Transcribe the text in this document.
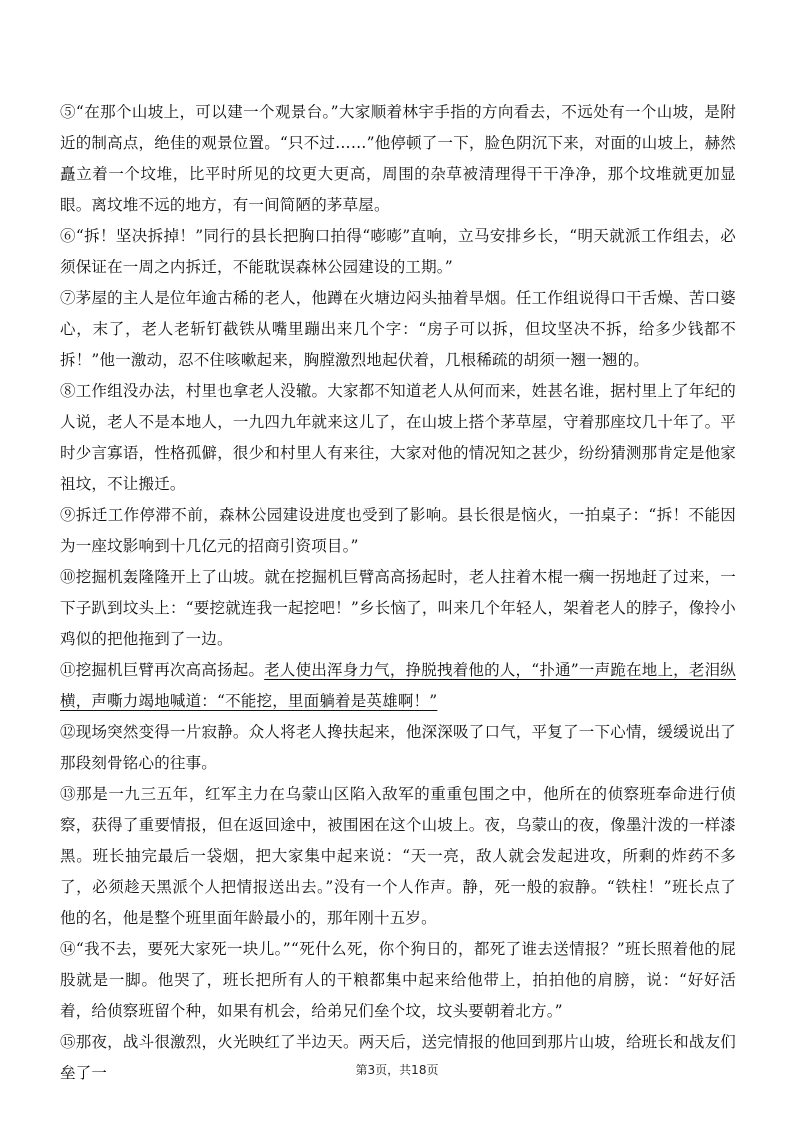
⑤“在那个山坡上，可以建一个观景台。”大家顺着林宇手指的方向看去，不远处有一个山坡，是附近的制高点，绝佳的观景位置。“只不过……”他停顿了一下，脸色阴沉下来，对面的山坡上，赫然矗立着一个坟堆，比平时所见的坟更大更高，周围的杂草被清理得干干净净，那个坟堆就更加显眼。离坟堆不远的地方，有一间简陋的茅草屋。

⑥“拆！坚决拆掉！”同行的县长把胸口拍得“嘭嘭”直响，立马安排乡长，“明天就派工作组去，必须保证在一周之内拆迁，不能耽误森林公园建设的工期。”

⑦茅屋的主人是位年逾古稀的老人，他蹲在火塘边闷头抽着旱烟。任工作组说得口干舌燥、苦口婆心，末了，老人老斩钉截铁从嘴里蹦出来几个字：“房子可以拆，但坟坚决不拆，给多少钱都不拆！”他一激动，忍不住咳嗽起来，胸膛激烈地起伏着，几根稀疏的胡须一翘一翘的。

⑧工作组没办法，村里也拿老人没辙。大家都不知道老人从何而来，姓甚名谁，据村里上了年纪的人说，老人不是本地人，一九四九年就来这儿了，在山坡上搭个茅草屋，守着那座坟几十年了。平时少言寡语，性格孤僻，很少和村里人有来往，大家对他的情况知之甚少，纷纷猜测那肯定是他家祖坟，不让搬迁。

⑨拆迁工作停滞不前，森林公园建设进度也受到了影响。县长很是恼火，一拍桌子：“拆！不能因为一座坟影响到十几亿元的招商引资项目。”

⑩挖掘机轰隆隆开上了山坡。就在挖掘机巨臂高高扬起时，老人拄着木棍一瘸一拐地赶了过来，一下子趴到坟头上：“要挖就连我一起挖吧！”乡长恼了，叫来几个年轻人，架着老人的脖子，像拎小鸡似的把他拖到了一边。

⑪挖掘机巨臂再次高高扬起。老人使出浑身力气，挣脱拽着他的人，“扑通”一声跪在地上，老泪纵横，声嘶力竭地喊道：“不能挖，里面躺着是英雄啊！”

⑫现场突然变得一片寂静。众人将老人搀扶起来，他深深吸了口气，平复了一下心情，缓缓说出了那段刻骨铭心的往事。

⑬那是一九三五年，红军主力在乌蒙山区陷入敌军的重重包围之中，他所在的侦察班奉命进行侦察，获得了重要情报，但在返回途中，被围困在这个山坡上。夜，乌蒙山的夜，像墨汁泼的一样漆黑。班长抽完最后一袋烟，把大家集中起来说：“天一亮，敌人就会发起进攻，所剩的炸药不多了，必须趁天黑派个人把情报送出去。”没有一个人作声。静，死一般的寂静。“铁柱！”班长点了他的名，他是整个班里面年龄最小的，那年刚十五岁。

⑭“我不去，要死大家死一块儿。”“死什么死，你个狗日的，都死了谁去送情报？”班长照着他的屁股就是一脚。他哭了，班长把所有人的干粮都集中起来给他带上，拍拍他的肩膀，说：“好好活着，给侦察班留个种，如果有机会，给弟兄们垒个坟，坟头要朝着北方。”

⑮那夜，战斗很激烈，火光映红了半边天。两天后，送完情报的他回到那片山坡，给班长和战友们垒了一	第3页，共18页
